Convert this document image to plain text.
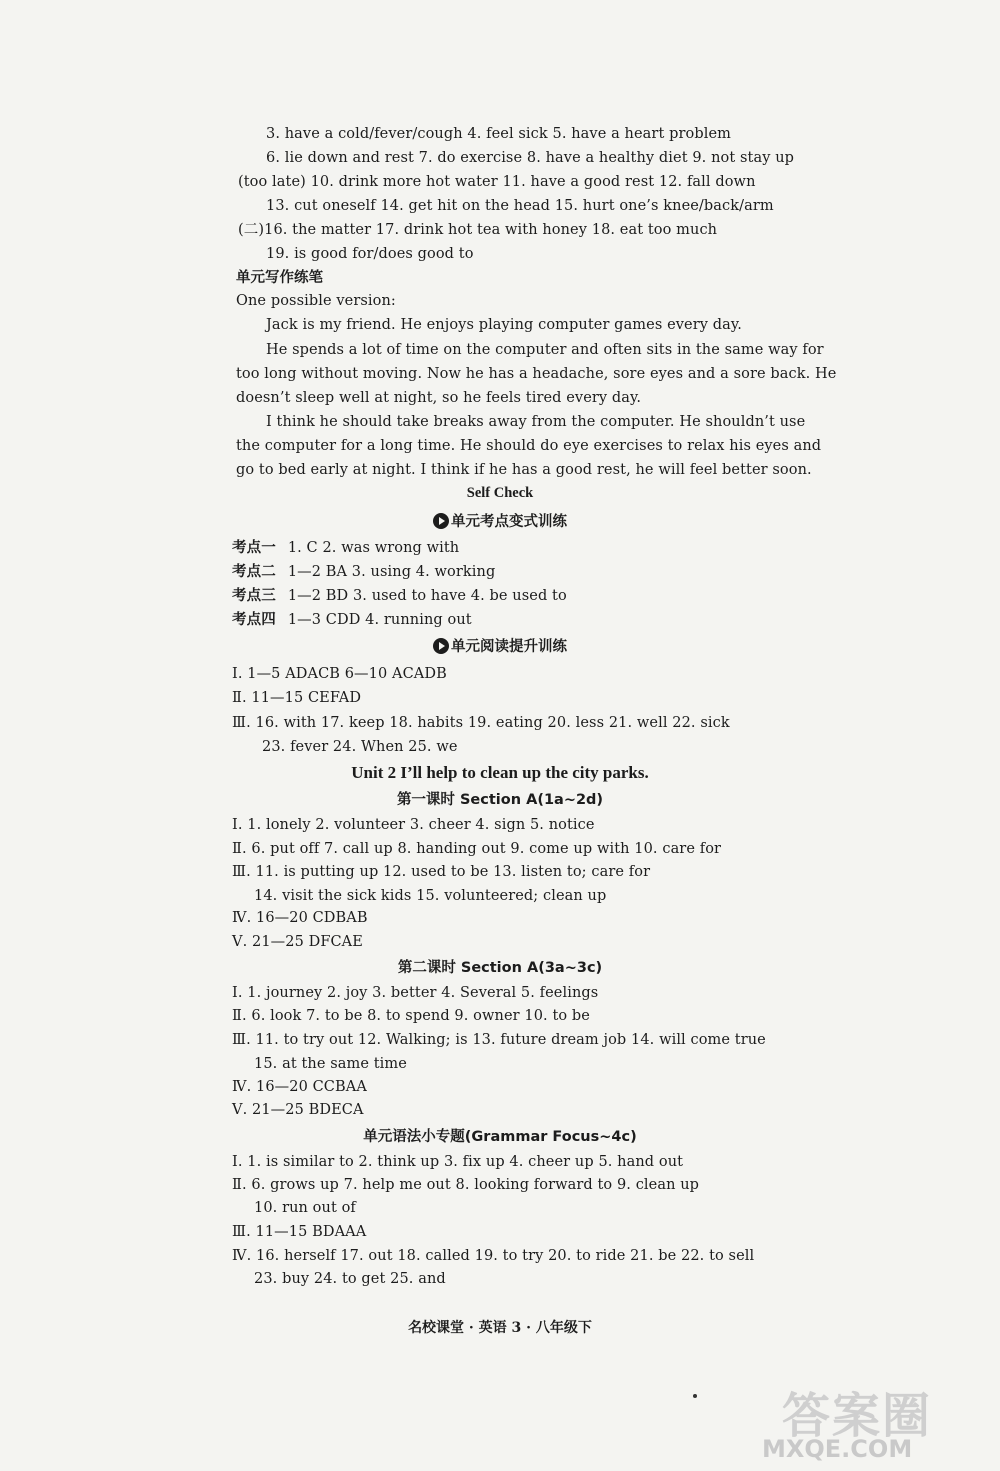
3. have a cold/fever/cough 4. feel sick 5. have a heart problem
6. lie down and rest 7. do exercise 8. have a healthy diet 9. not stay up
(too late) 10. drink more hot water 11. have a good rest 12. fall down
13. cut oneself 14. get hit on the head 15. hurt one’s knee/back/arm
(二)16. the matter 17. drink hot tea with honey 18. eat too much
19. is good for/does good to
单元写作练笔
One possible version:
Jack is my friend. He enjoys playing computer games every day.
He spends a lot of time on the computer and often sits in the same way for
too long without moving. Now he has a headache, sore eyes and a sore back. He
doesn’t sleep well at night, so he feels tired every day.
I think he should take breaks away from the computer. He shouldn’t use
the computer for a long time. He should do eye exercises to relax his eyes and
go to bed early at night. I think if he has a good rest, he will feel better soon.
Self Check
单元考点变式训练
考点一 1. C 2. was wrong with
考点二 1—2 BA 3. using 4. working
考点三 1—2 BD 3. used to have 4. be used to
考点四 1—3 CDD 4. running out
单元阅读提升训练
Ⅰ. 1—5 ADACB 6—10 ACADB
Ⅱ. 11—15 CEFAD
Ⅲ. 16. with 17. keep 18. habits 19. eating 20. less 21. well 22. sick
23. fever 24. When 25. we
Unit 2 I’ll help to clean up the city parks.
第一课时 Section A(1a~2d)
Ⅰ. 1. lonely 2. volunteer 3. cheer 4. sign 5. notice
Ⅱ. 6. put off 7. call up 8. handing out 9. come up with 10. care for
Ⅲ. 11. is putting up 12. used to be 13. listen to; care for
14. visit the sick kids 15. volunteered; clean up
Ⅳ. 16—20 CDBAB
Ⅴ. 21—25 DFCAE
第二课时 Section A(3a~3c)
Ⅰ. 1. journey 2. joy 3. better 4. Several 5. feelings
Ⅱ. 6. look 7. to be 8. to spend 9. owner 10. to be
Ⅲ. 11. to try out 12. Walking; is 13. future dream job 14. will come true
15. at the same time
Ⅳ. 16—20 CCBAA
Ⅴ. 21—25 BDECA
单元语法小专题(Grammar Focus~4c)
Ⅰ. 1. is similar to 2. think up 3. fix up 4. cheer up 5. hand out
Ⅱ. 6. grows up 7. help me out 8. looking forward to 9. clean up
10. run out of
Ⅲ. 11—15 BDAAA
Ⅳ. 16. herself 17. out 18. called 19. to try 20. to ride 21. be 22. to sell
23. buy 24. to get 25. and
名校课堂 · 英语 3 · 八年级下
答案圈
MXQE.COM
